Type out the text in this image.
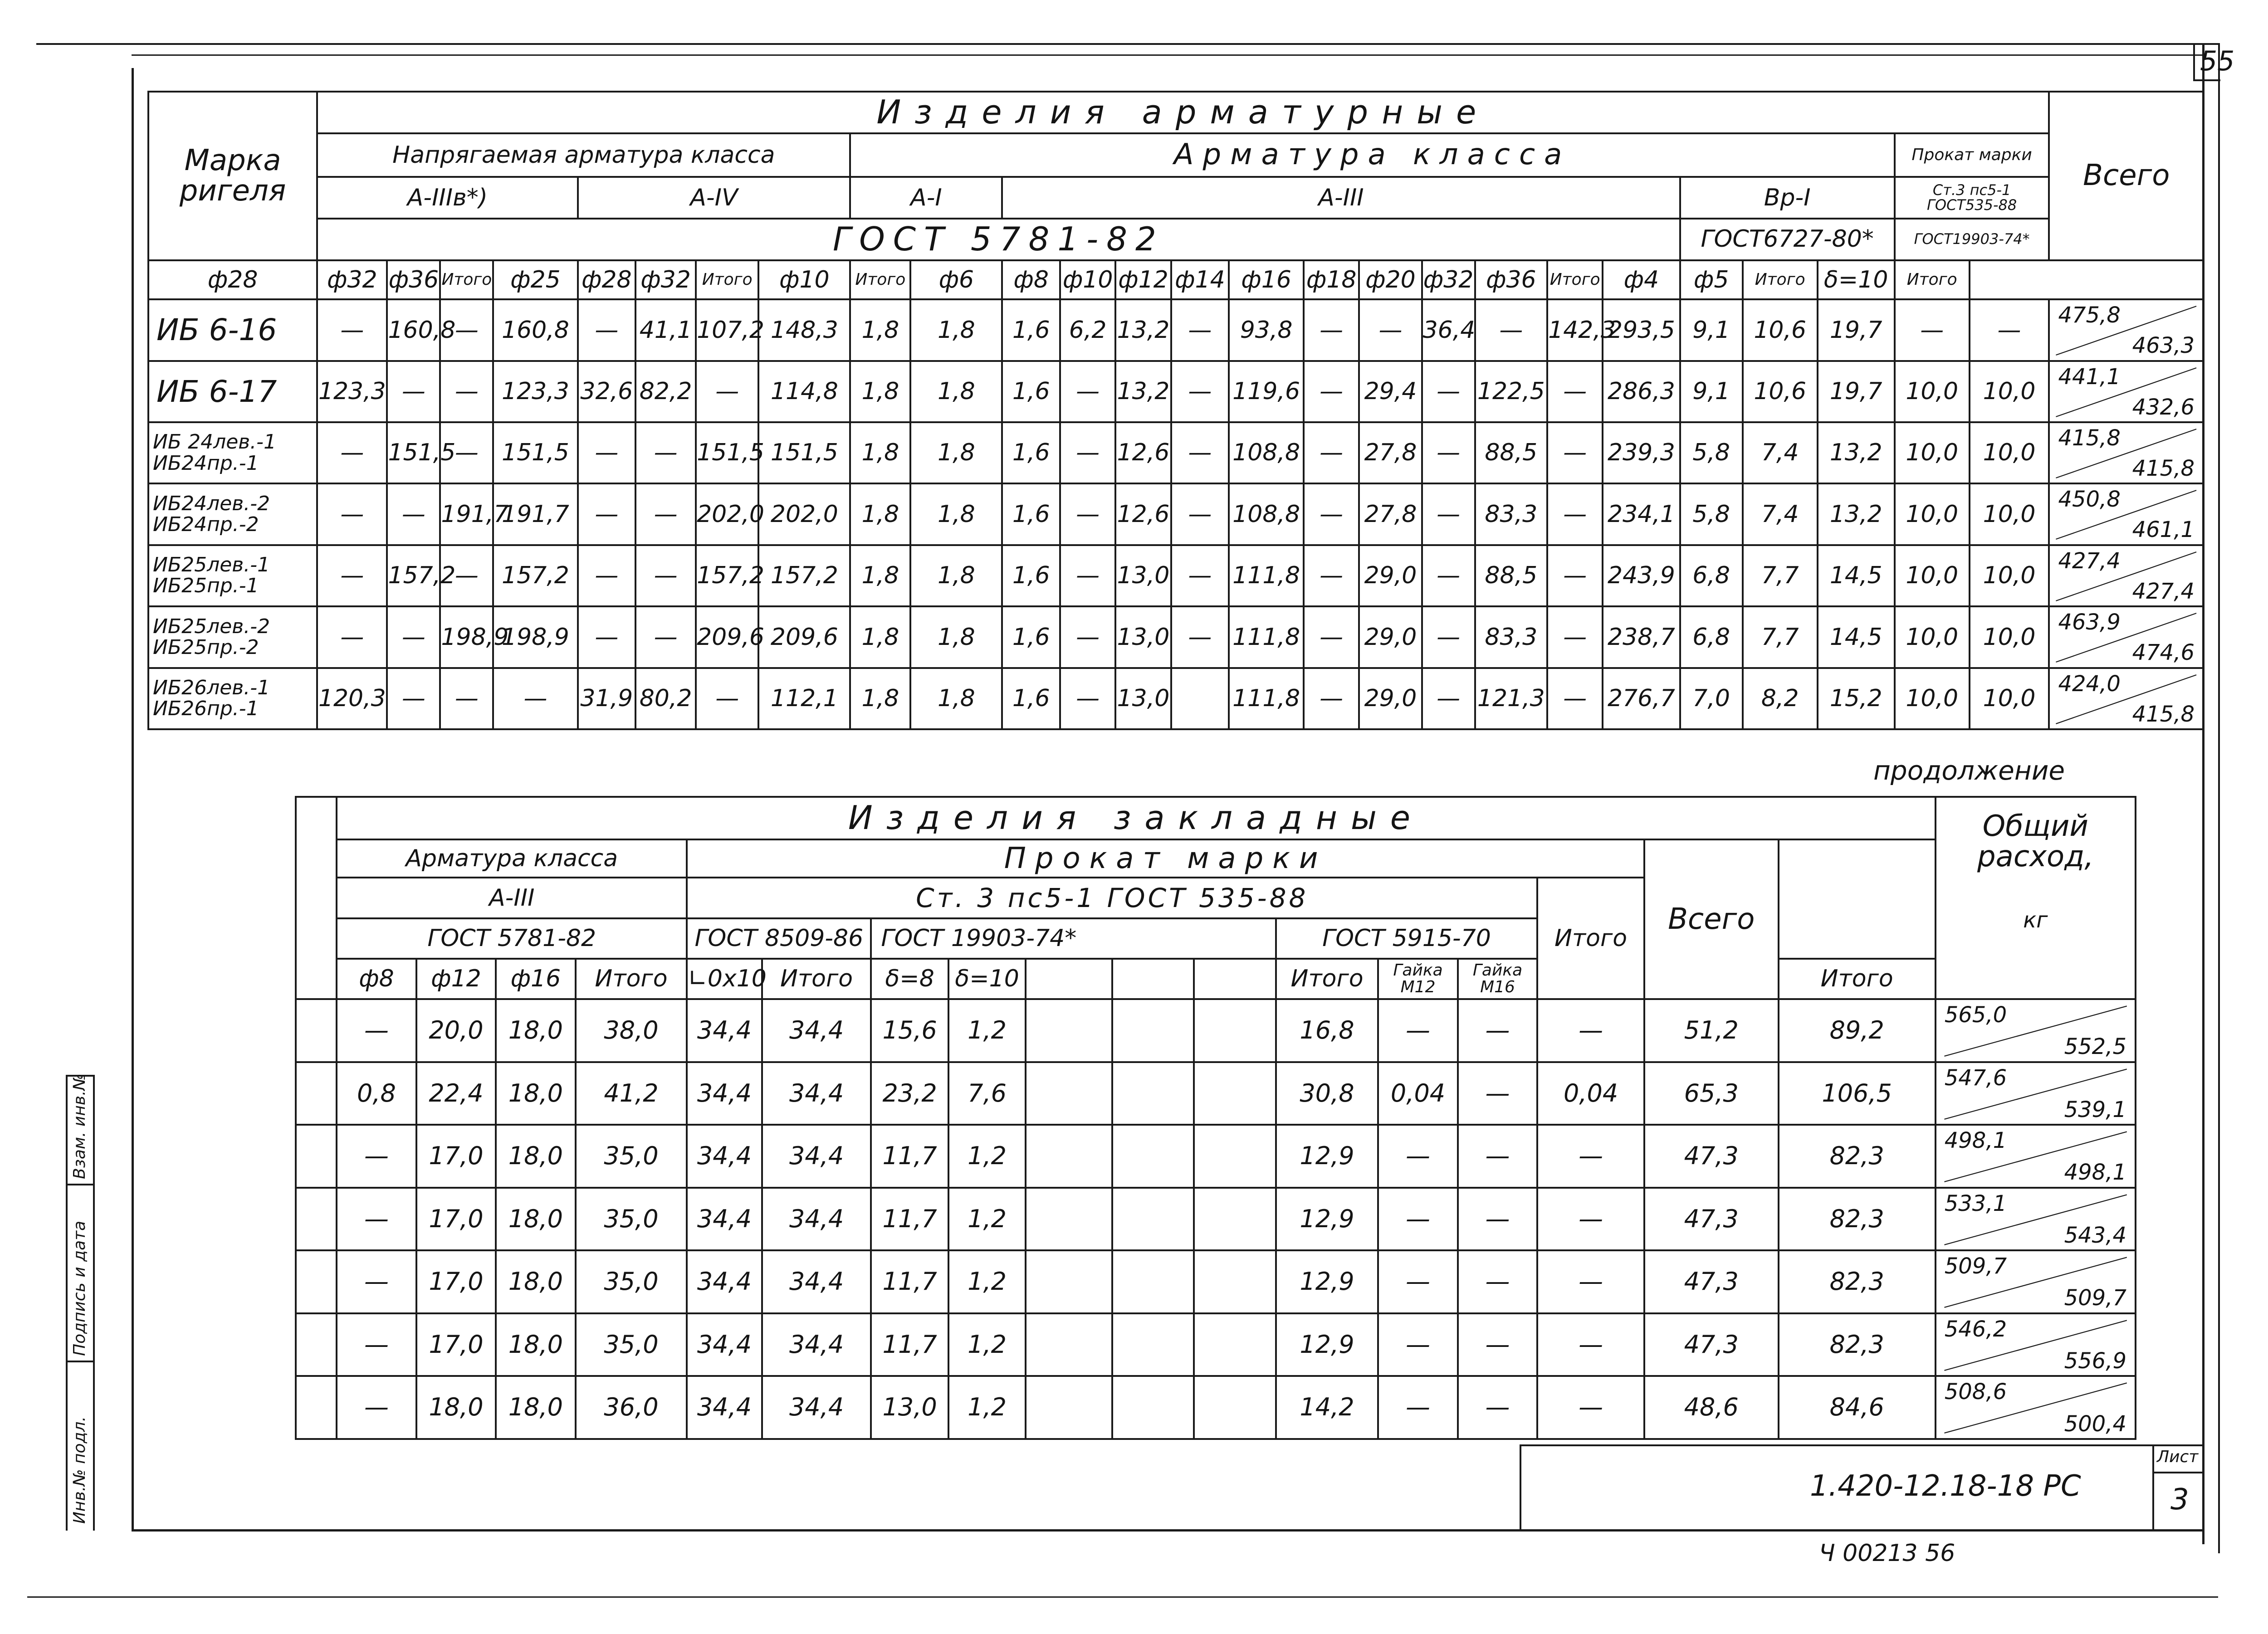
Инв.№ подл.
Подпись и дата
Взам. инв.№
55
Марка ригеля	Изделия арматурные																										Всего
	Напрягаемая арматура класса								Арматура класса																Прокат марки		
	А-IIIв*)				А-IV				А-I		А-III											Вр-I			Ст.3 пс5-1 ГОСТ535-88		
	ГОСТ 5781-82																					ГОСТ6727-80*			ГОСТ19903-74*		
ф28	ф32	ф36	Итого	ф25	ф28	ф32	Итого	ф10	Итого	ф6	ф8	ф10	ф12	ф14	ф16	ф18	ф20	ф32	ф36	Итого	ф4	ф5	Итого	δ=10	Итого		
ИБ 6-16	—	160,8	—	160,8	—	41,1	107,2	148,3	1,8	1,8	1,6	6,2	13,2	—	93,8	—	—	36,4	—	142,3	293,5	9,1	10,6	19,7	—	—	475,8
463,3

ИБ 6-17	123,3	—	—	123,3	32,6	82,2	—	114,8	1,8	1,8	1,6	—	13,2	—	119,6	—	29,4	—	122,5	—	286,3	9,1	10,6	19,7	10,0	10,0	441,1
432,6

ИБ 24лев.-1
ИБ24пр.-1	—	151,5	—	151,5	—	—	151,5	151,5	1,8	1,8	1,6	—	12,6	—	108,8	—	27,8	—	88,5	—	239,3	5,8	7,4	13,2	10,0	10,0	415,8
415,8

ИБ24лев.-2
ИБ24пр.-2	—	—	191,7	191,7	—	—	202,0	202,0	1,8	1,8	1,6	—	12,6	—	108,8	—	27,8	—	83,3	—	234,1	5,8	7,4	13,2	10,0	10,0	450,8
461,1

ИБ25лев.-1
ИБ25пр.-1	—	157,2	—	157,2	—	—	157,2	157,2	1,8	1,8	1,6	—	13,0	—	111,8	—	29,0	—	88,5	—	243,9	6,8	7,7	14,5	10,0	10,0	427,4
427,4

ИБ25лев.-2
ИБ25пр.-2	—	—	198,9	198,9	—	—	209,6	209,6	1,8	1,8	1,6	—	13,0	—	111,8	—	29,0	—	83,3	—	238,7	6,8	7,7	14,5	10,0	10,0	463,9
474,6

ИБ26лев.-1
ИБ26пр.-1	120,3	—	—	—	31,9	80,2	—	112,1	1,8	1,8	1,6	—	13,0		111,8	—	29,0	—	121,3	—	276,7	7,0	8,2	15,2	10,0	10,0	424,0
415,8
продолжение
	Изделия закладные																	Общий расход,

кг
	Арматура класса				Прокат марки											Всего		
	А-III				Ст. 3 пс5-1 ГОСТ 535-88										Итого			
	ГОСТ 5781-82				ГОСТ 8509-86		ГОСТ 19903-74*					ГОСТ 5915-70						
	ф8	ф12	ф16	Итого	∟0х10	Итого	δ=8	δ=10				Итого	Гайка М12	Гайка М16			Итого	
	—	20,0	18,0	38,0	34,4	34,4	15,6	1,2				16,8	—	—	—	51,2	89,2	565,0
552,5

	0,8	22,4	18,0	41,2	34,4	34,4	23,2	7,6				30,8	0,04	—	0,04	65,3	106,5	547,6
539,1

	—	17,0	18,0	35,0	34,4	34,4	11,7	1,2				12,9	—	—	—	47,3	82,3	498,1
498,1

	—	17,0	18,0	35,0	34,4	34,4	11,7	1,2				12,9	—	—	—	47,3	82,3	533,1
543,4

	—	17,0	18,0	35,0	34,4	34,4	11,7	1,2				12,9	—	—	—	47,3	82,3	509,7
509,7

	—	17,0	18,0	35,0	34,4	34,4	11,7	1,2				12,9	—	—	—	47,3	82,3	546,2
556,9

	—	18,0	18,0	36,0	34,4	34,4	13,0	1,2				14,2	—	—	—	48,6	84,6	508,6
500,4
1.420-12.18-18 РС
Лист
3
Ч 00213 56
